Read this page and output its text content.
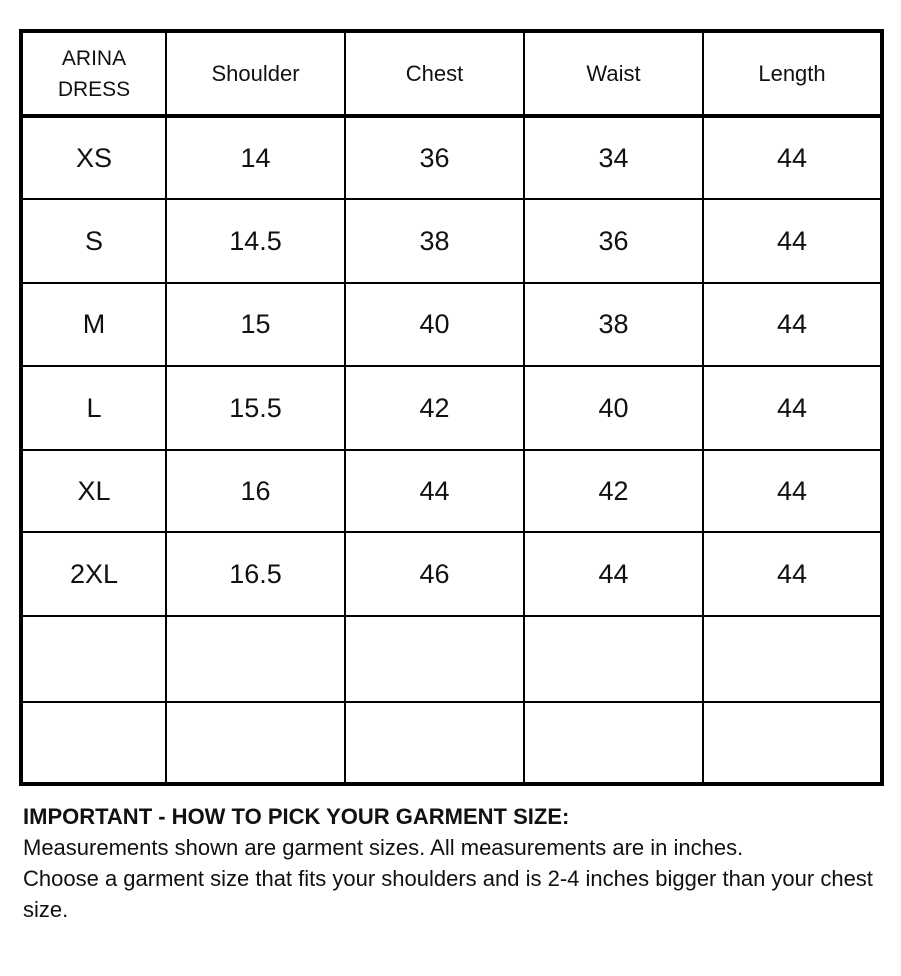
ARINA
DRESS	Shoulder	Chest	Waist	Length
XS	14	36	34	44
S	14.5	38	36	44
M	15	40	38	44
L	15.5	42	40	44
XL	16	44	42	44
2XL	16.5	46	44	44

IMPORTANT - HOW TO PICK YOUR GARMENT SIZE:

Measurements shown are garment sizes. All measurements are in inches.

Choose a garment size that fits your shoulders and is 2-4 inches bigger than your chest size.
